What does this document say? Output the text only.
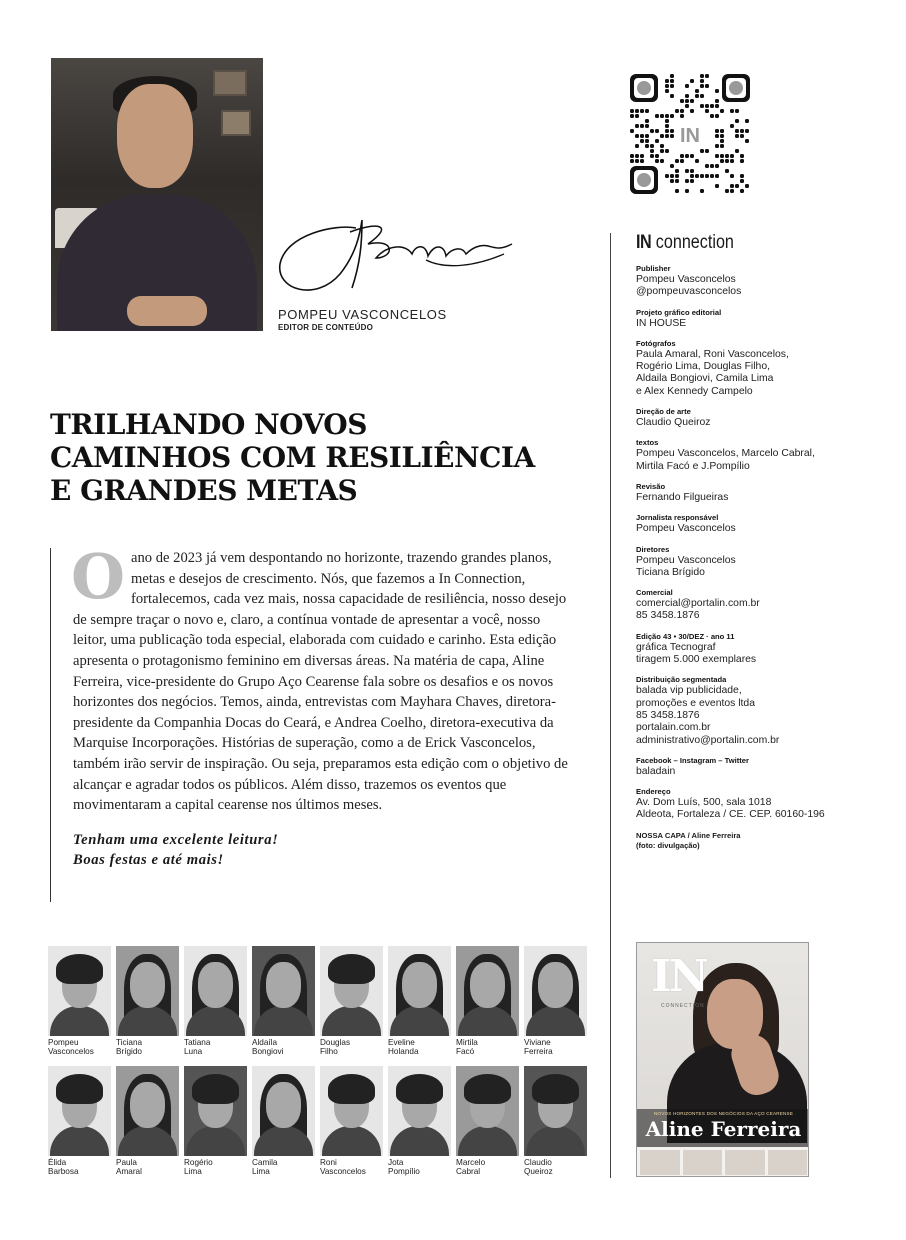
POMPEU VASCONCELOS
EDITOR DE CONTEÚDO
TRILHANDO NOVOS
CAMINHOS COM RESILIÊNCIA
E GRANDES METAS

Oano de 2023 já vem despontando no horizonte, trazendo grandes planos, metas e desejos de crescimento. Nós, que fazemos a In Connection, fortalecemos, cada vez mais, nossa capacidade de resiliência, nosso desejo de sempre traçar o novo e, claro, a contínua vontade de apresentar a você, nosso leitor, uma publicação toda especial, elaborada com cuidado e carinho. Esta edição apresenta o protagonismo feminino em diversas áreas. Na matéria de capa, Aline Ferreira, vice-presidente do Grupo Aço Cearense fala sobre os desafios e os novos horizontes dos negócios. Temos, ainda, entrevistas com Mayhara Chaves, diretora-presidente da Companhia Docas do Ceará, e Andrea Coelho, diretora-executiva da Marquise Incorporações. Histórias de superação, como a de Erick Vasconcelos, também irão servir de inspiração. Ou seja, preparamos esta edição com o objetivo de alcançar e agradar todos os públicos. Além disso, trazemos os eventos que movimentaram a capital cearense nos últimos meses.

Tenham uma excelente leitura!
Boas festas e até mais!
Pompeu
Vasconcelos
Ticiana
Brígido
Tatiana
Luna
Aldaíla
Bongiovi
Douglas
Filho
Eveline
Holanda
Mirtila
Facó
Viviane
Ferreira
Élida
Barbosa
Paula
Amaral
Rogério
Lima
Camila
Lima
Roni
Vasconcelos
Jota
Pompílio
Marcelo
Cabral
Claudio
Queiroz
IN
IN connection
Publisher
Pompeu Vasconcelos
@pompeuvasconcelos
Projeto gráfico editorial
IN HOUSE
Fotógrafos
Paula Amaral, Roni Vasconcelos,
Rogério Lima, Douglas Filho,
Aldaila Bongiovi, Camila Lima
e Alex Kennedy Campelo
Direção de arte
Claudio Queiroz
textos
Pompeu Vasconcelos, Marcelo Cabral,
Mirtila Facó e J.Pompílio
Revisão
Fernando Filgueiras
Jornalista responsável
Pompeu Vasconcelos
Diretores
Pompeu Vasconcelos
Ticiana Brígido
Comercial
comercial@portalin.com.br
85 3458.1876
Edição 43 • 30/DEZ · ano 11
gráfica Tecnograf
tiragem 5.000 exemplares
Distribuição segmentada
balada vip publicidade,
promoções e eventos ltda
85 3458.1876
portalain.com.br
administrativo@portalin.com.br
Facebook – Instagram – Twitter
baladain
Endereço
Av. Dom Luís, 500, sala 1018
Aldeota, Fortaleza / CE. CEP. 60160-196
NOSSA CAPA / Aline Ferreira
(foto: divulgação)
IN
CONNECTION
NOVOS HORIZONTES DOS NEGÓCIOS DA AÇO CEARENSE
Aline Ferreira
